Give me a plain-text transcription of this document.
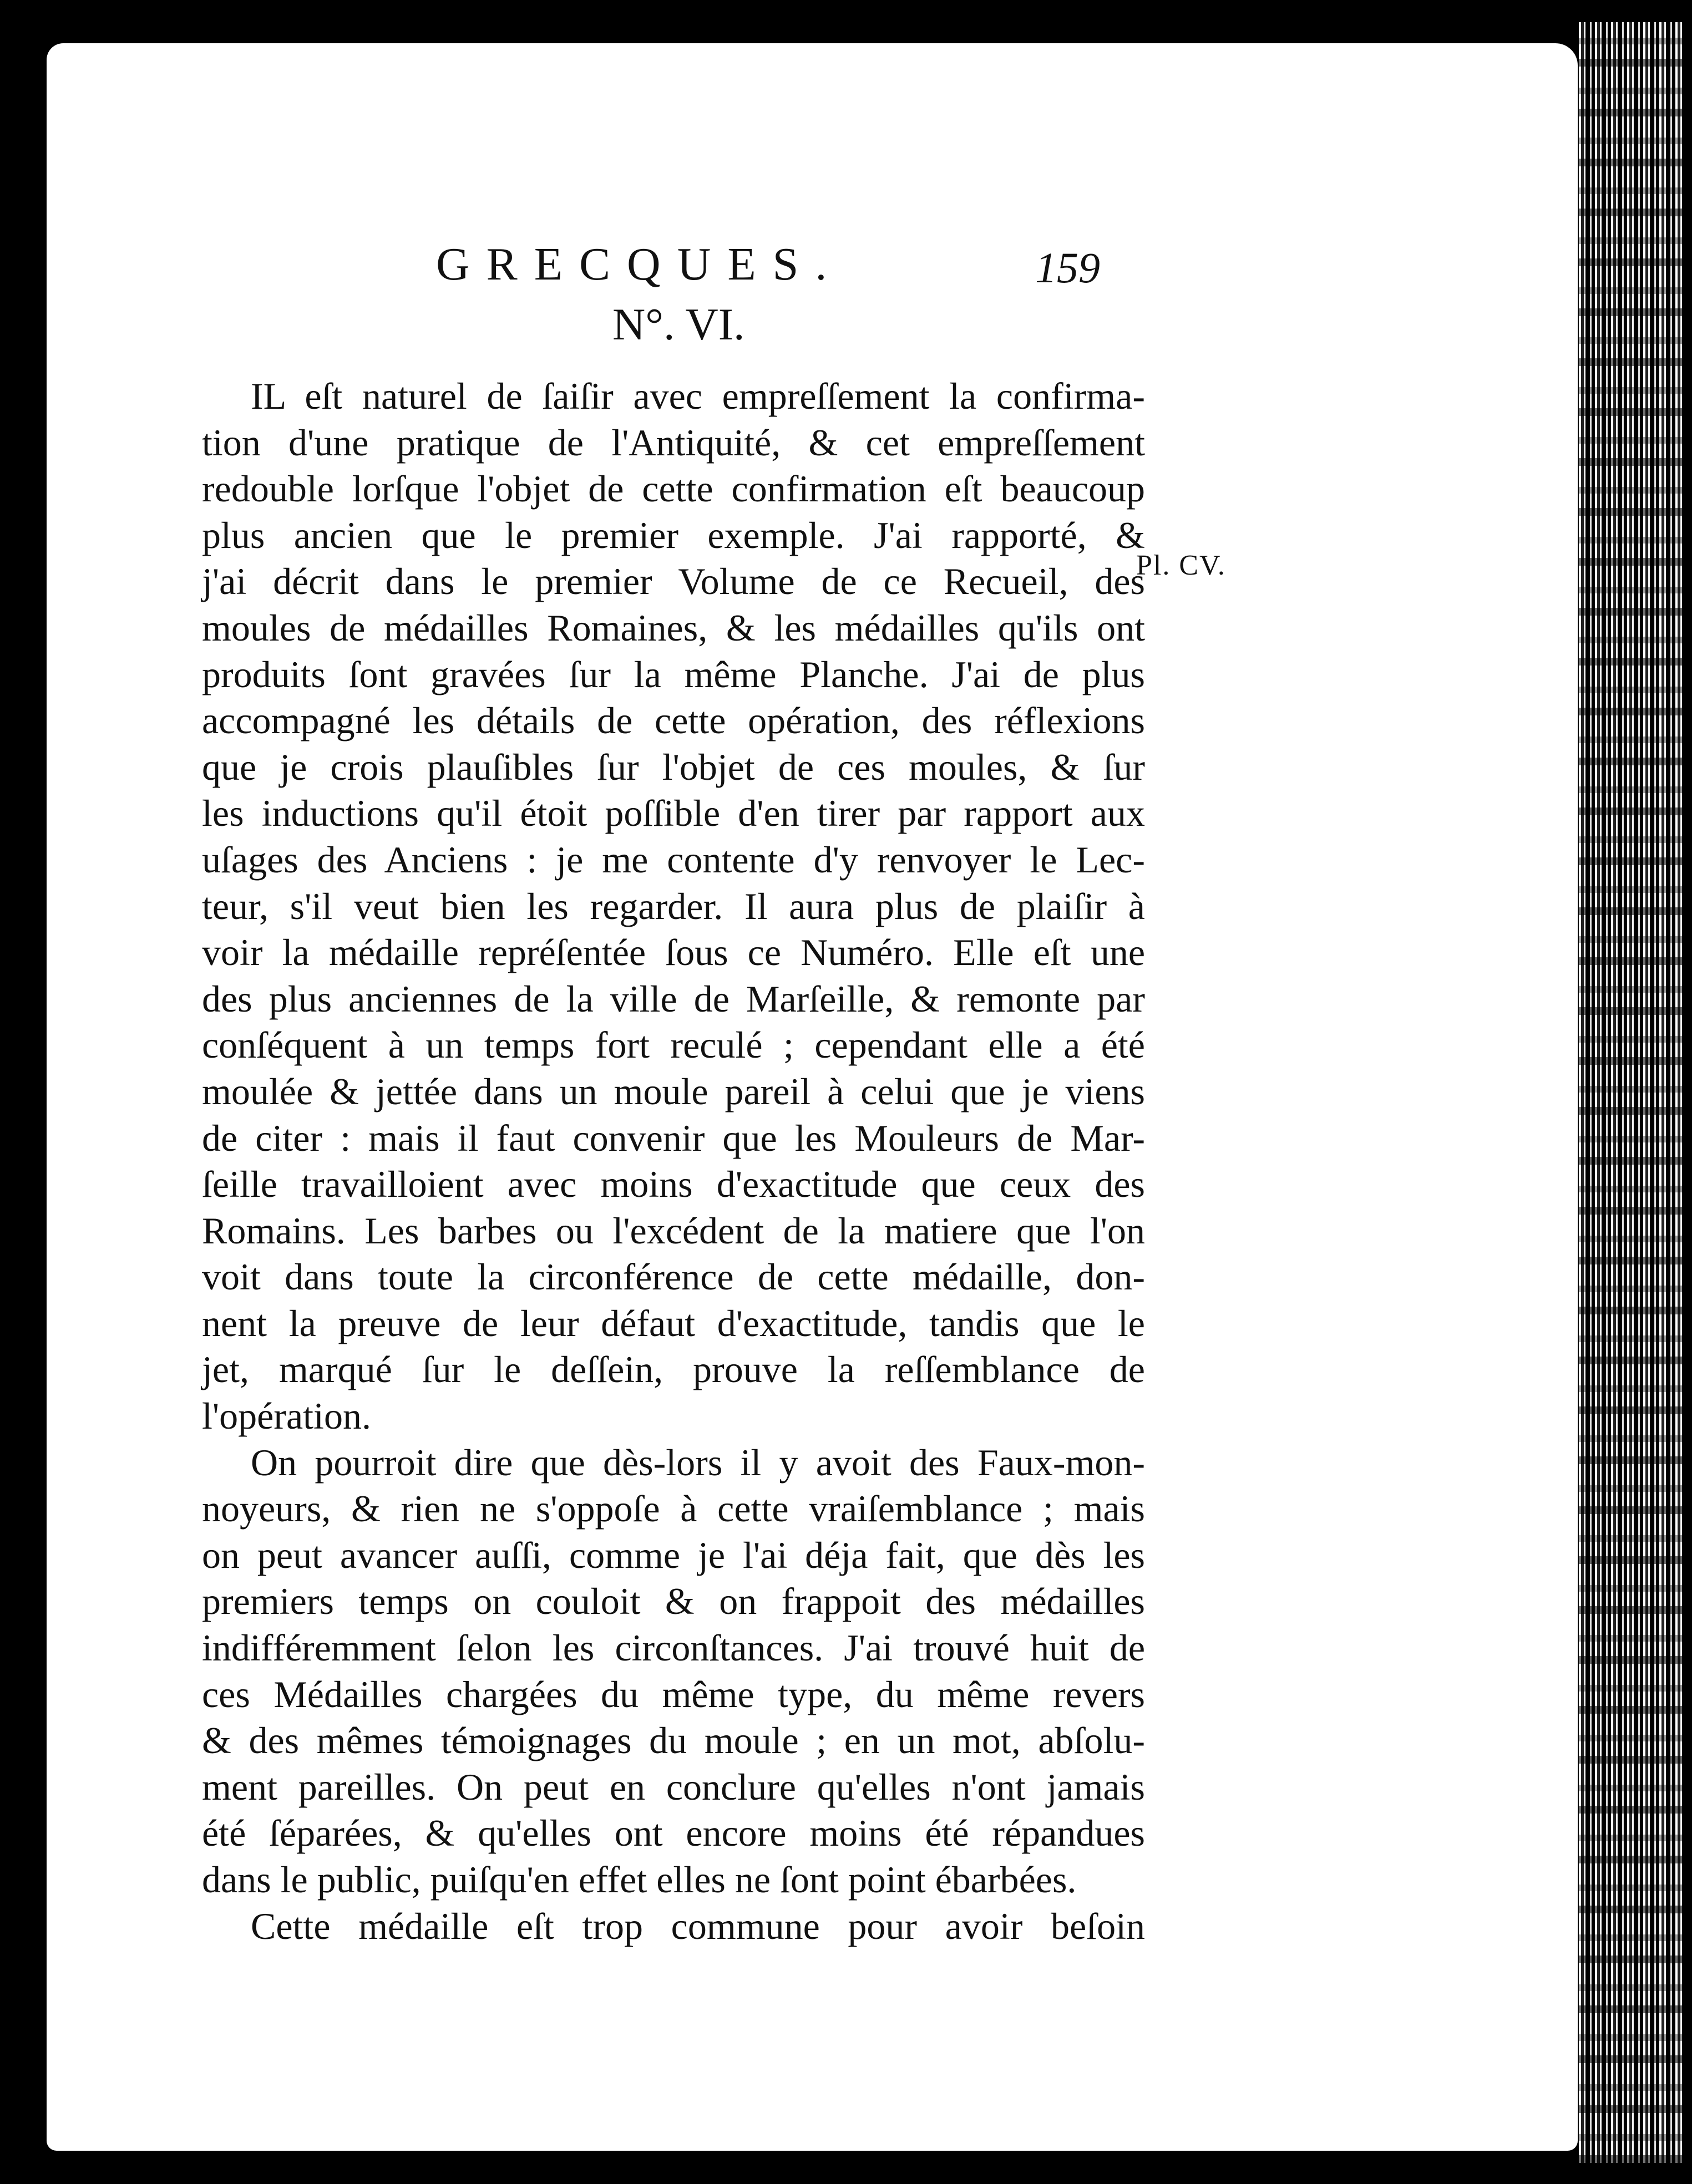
GRECQUES.	159
N°. VI.
Pl. CV.
IL eſt naturel de ſaiſir avec empreſſement la confirma-
tion d'une pratique de l'Antiquité, & cet empreſſement
redouble lorſque l'objet de cette confirmation eſt beaucoup
plus ancien que le premier exemple. J'ai rapporté, &
j'ai décrit dans le premier Volume de ce Recueil, des
moules de médailles Romaines, & les médailles qu'ils ont
produits ſont gravées ſur la même Planche. J'ai de plus
accompagné les détails de cette opération, des réflexions
que je crois plauſibles ſur l'objet de ces moules, & ſur
les inductions qu'il étoit poſſible d'en tirer par rapport aux
uſages des Anciens : je me contente d'y renvoyer le Lec-
teur, s'il veut bien les regarder. Il aura plus de plaiſir à
voir la médaille repréſentée ſous ce Numéro. Elle eſt une
des plus anciennes de la ville de Marſeille, & remonte par
conſéquent à un temps fort reculé ; cependant elle a été
moulée & jettée dans un moule pareil à celui que je viens
de citer : mais il faut convenir que les Mouleurs de Mar-
ſeille travailloient avec moins d'exactitude que ceux des
Romains. Les barbes ou l'excédent de la matiere que l'on
voit dans toute la circonférence de cette médaille, don-
nent la preuve de leur défaut d'exactitude, tandis que le
jet, marqué ſur le deſſein, prouve la reſſemblance de
l'opération.
On pourroit dire que dès-lors il y avoit des Faux-mon-
noyeurs, & rien ne s'oppoſe à cette vraiſemblance ; mais
on peut avancer auſſi, comme je l'ai déja fait, que dès les
premiers temps on couloit & on frappoit des médailles
indifféremment ſelon les circonſtances. J'ai trouvé huit de
ces Médailles chargées du même type, du même revers
& des mêmes témoignages du moule ; en un mot, abſolu-
ment pareilles. On peut en conclure qu'elles n'ont jamais
été ſéparées, & qu'elles ont encore moins été répandues
dans le public, puiſqu'en effet elles ne ſont point ébarbées.
Cette médaille eſt trop commune pour avoir beſoin
